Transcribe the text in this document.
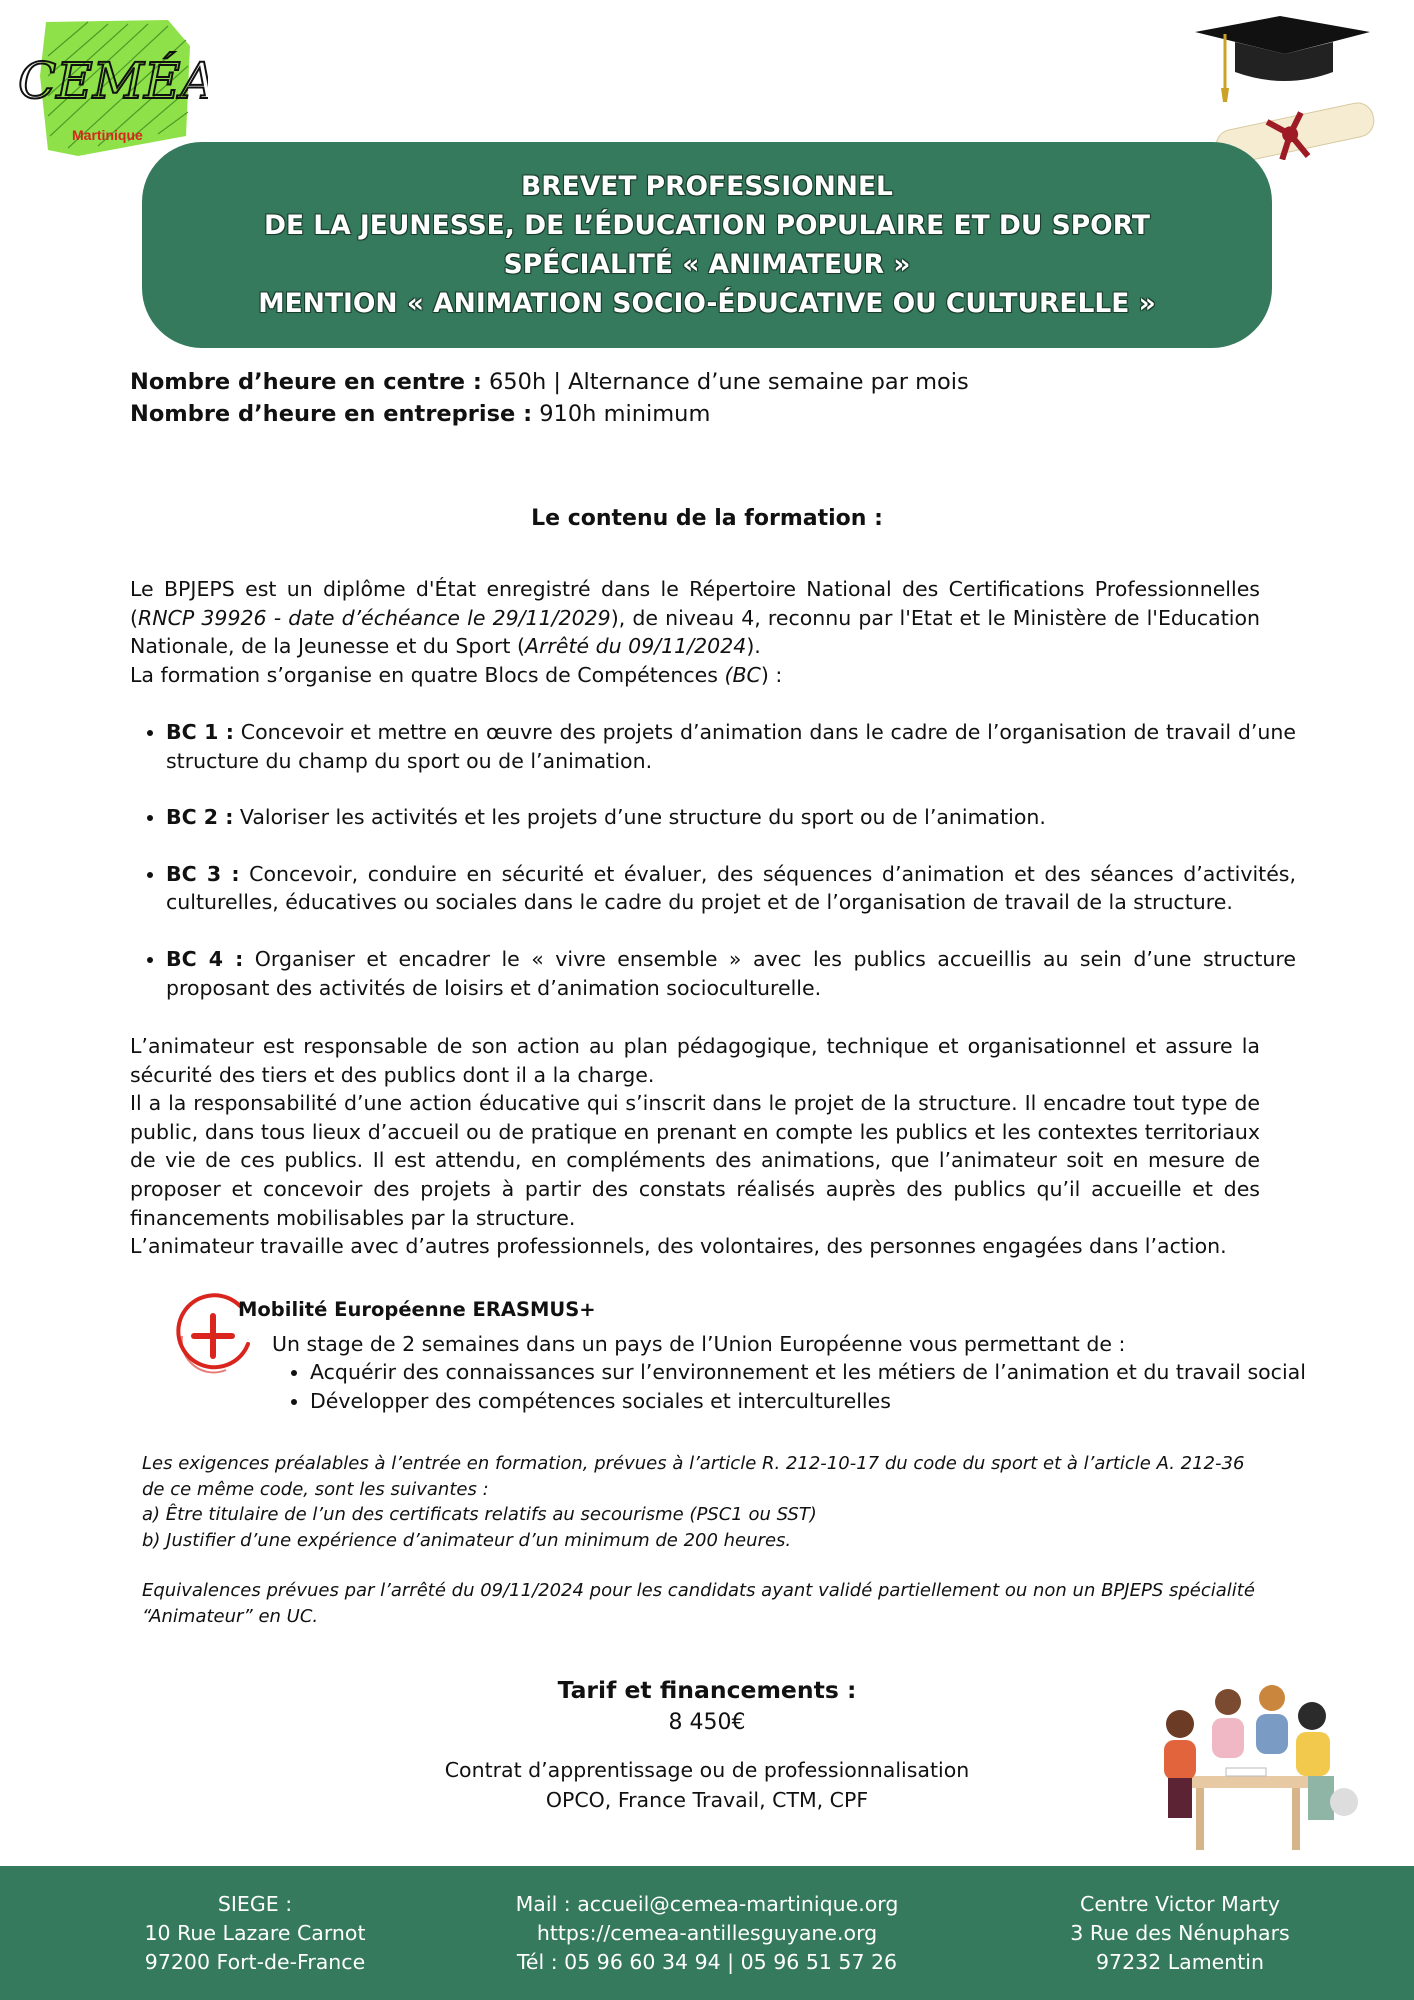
CEMÉA
Martinique
BREVET PROFESSIONNEL
DE LA JEUNESSE, DE L’ÉDUCATION POPULAIRE ET DU SPORT
SPÉCIALITÉ « ANIMATEUR »
MENTION « ANIMATION SOCIO-ÉDUCATIVE OU CULTURELLE »
Nombre d’heure en centre : 650h | Alternance d’une semaine par mois
Nombre d’heure en entreprise : 910h minimum
Le contenu de la formation :

Le BPJEPS est un diplôme d'État enregistré dans le Répertoire National des Certifications Professionnelles (RNCP 39926 - date d’échéance le 29/11/2029), de niveau 4, reconnu par l'Etat et le Ministère de l'Education Nationale, de la Jeunesse et du Sport (Arrêté du 09/11/2024).

La formation s’organise en quatre Blocs de Compétences (BC) :

• BC 1 : Concevoir et mettre en œuvre des projets d’animation dans le cadre de l’organisation de travail d’une structure du champ du sport ou de l’animation.
• BC 2 : Valoriser les activités et les projets d’une structure du sport ou de l’animation.
• BC 3 : Concevoir, conduire en sécurité et évaluer, des séquences d’animation et des séances d’activités, culturelles, éducatives ou sociales dans le cadre du projet et de l’organisation de travail de la structure.
• BC 4 : Organiser et encadrer le « vivre ensemble » avec les publics accueillis au sein d’une structure proposant des activités de loisirs et d’animation socioculturelle.

L’animateur est responsable de son action au plan pédagogique, technique et organisationnel et assure la sécurité des tiers et des publics dont il a la charge.

Il a la responsabilité d’une action éducative qui s’inscrit dans le projet de la structure. Il encadre tout type de public, dans tous lieux d’accueil ou de pratique en prenant en compte les publics et les contextes territoriaux de vie de ces publics. Il est attendu, en compléments des animations, que l’animateur soit en mesure de proposer et concevoir des projets à partir des constats réalisés auprès des publics qu’il accueille et des financements mobilisables par la structure.

L’animateur travaille avec d’autres professionnels, des volontaires, des personnes engagées dans l’action.

Mobilité Européenne ERASMUS+
Un stage de 2 semaines dans un pays de l’Union Européenne vous permettant de :
• Acquérir des connaissances sur l’environnement et les métiers de l’animation et du travail social
• Développer des compétences sociales et interculturelles

Les exigences préalables à l’entrée en formation, prévues à l’article R. 212-10-17 du code du sport et à l’article A. 212-36 de ce même code, sont les suivantes :

a) Être titulaire de l’un des certificats relatifs au secourisme (PSC1 ou SST)

b) Justifier d’une expérience d’animateur d’un minimum de 200 heures.

Equivalences prévues par l’arrêté du 09/11/2024 pour les candidats ayant validé partiellement ou non un BPJEPS spécialité “Animateur” en UC.
Tarif et financements :
8 450€
Contrat d’apprentissage ou de professionnalisation
OPCO, France Travail, CTM, CPF
SIEGE :
10 Rue Lazare Carnot
97200 Fort-de-France
Mail : accueil@cemea-martinique.org
https://cemea-antillesguyane.org
Tél : 05 96 60 34 94 | 05 96 51 57 26
Centre Victor Marty
3 Rue des Nénuphars
97232 Lamentin
